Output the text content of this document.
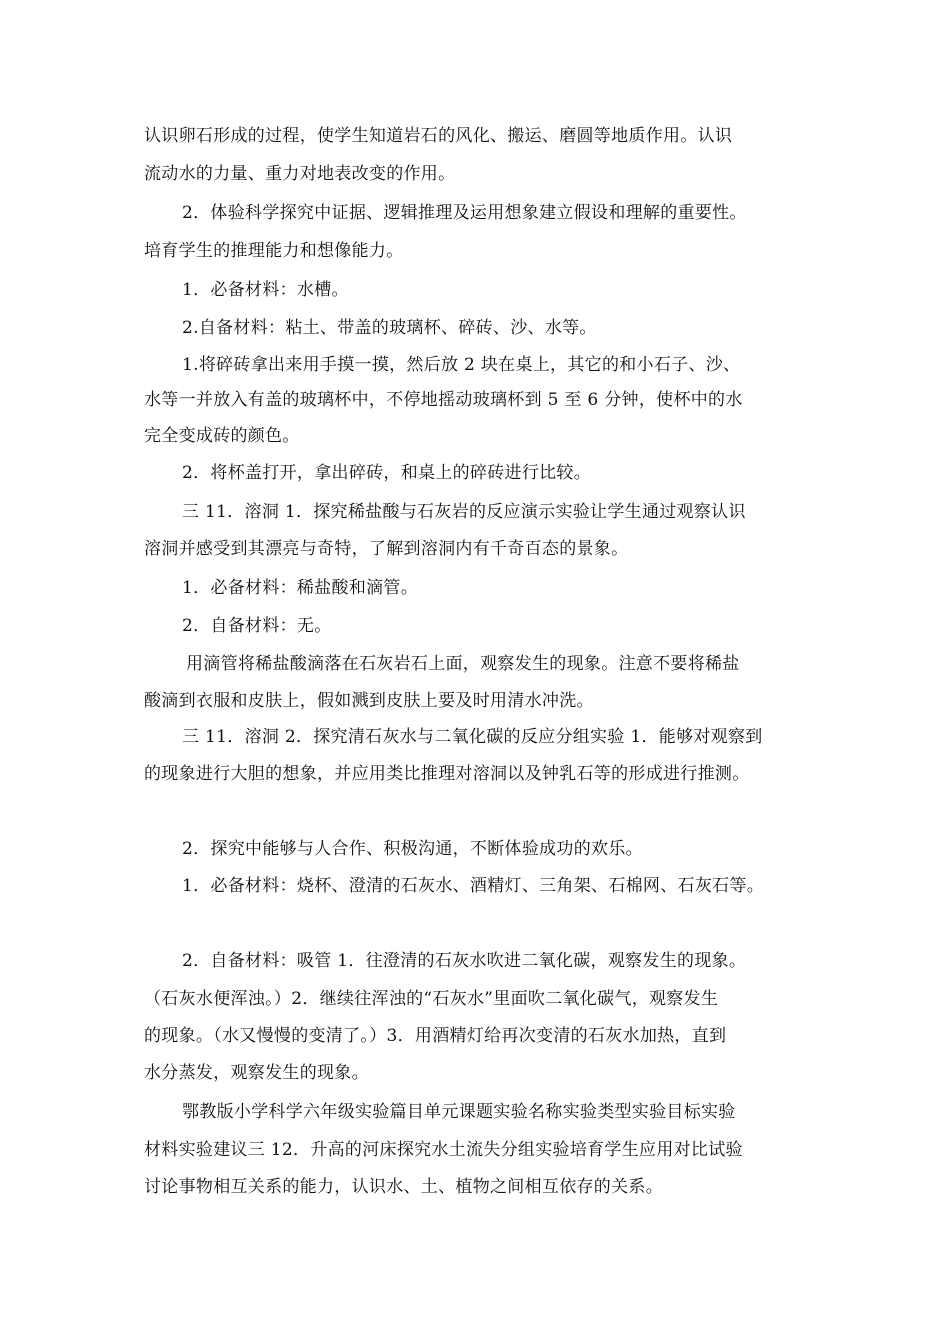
认识卵石形成的过程，使学生知道岩石的风化、搬运、磨圆等地质作用。认识
流动水的力量、重力对地表改变的作用。
2．体验科学探究中证据、逻辑推理及运用想象建立假设和理解的重要性。
培育学生的推理能力和想像能力。
1．必备材料：水槽。
2.自备材料：粘土、带盖的玻璃杯、碎砖、沙、水等。
1.将碎砖拿出来用手摸一摸，然后放 2 块在桌上，其它的和小石子、沙、
水等一并放入有盖的玻璃杯中，不停地摇动玻璃杯到 5 至 6 分钟，使杯中的水
完全变成砖的颜色。
2．将杯盖打开，拿出碎砖，和桌上的碎砖进行比较。
三 11．溶洞 1．探究稀盐酸与石灰岩的反应演示实验让学生通过观察认识
溶洞并感受到其漂亮与奇特，了解到溶洞内有千奇百态的景象。
1．必备材料：稀盐酸和滴管。
2．自备材料：无。
用滴管将稀盐酸滴落在石灰岩石上面，观察发生的现象。注意不要将稀盐
酸滴到衣服和皮肤上，假如溅到皮肤上要及时用清水冲洗。
三 11．溶洞 2．探究清石灰水与二氧化碳的反应分组实验 1．能够对观察到
的现象进行大胆的想象，并应用类比推理对溶洞以及钟乳石等的形成进行推测。
2．探究中能够与人合作、积极沟通，不断体验成功的欢乐。
1．必备材料：烧杯、澄清的石灰水、酒精灯、三角架、石棉网、石灰石等。
2．自备材料：吸管 1．往澄清的石灰水吹进二氧化碳，观察发生的现象。
（石灰水便浑浊。）2．继续往浑浊的“石灰水”里面吹二氧化碳气，观察发生
的现象。（水又慢慢的变清了。）3．用酒精灯给再次变清的石灰水加热，直到
水分蒸发，观察发生的现象。
鄂教版小学科学六年级实验篇目单元课题实验名称实验类型实验目标实验
材料实验建议三 12．升高的河床探究水土流失分组实验培育学生应用对比试验
讨论事物相互关系的能力，认识水、土、植物之间相互依存的关系。
